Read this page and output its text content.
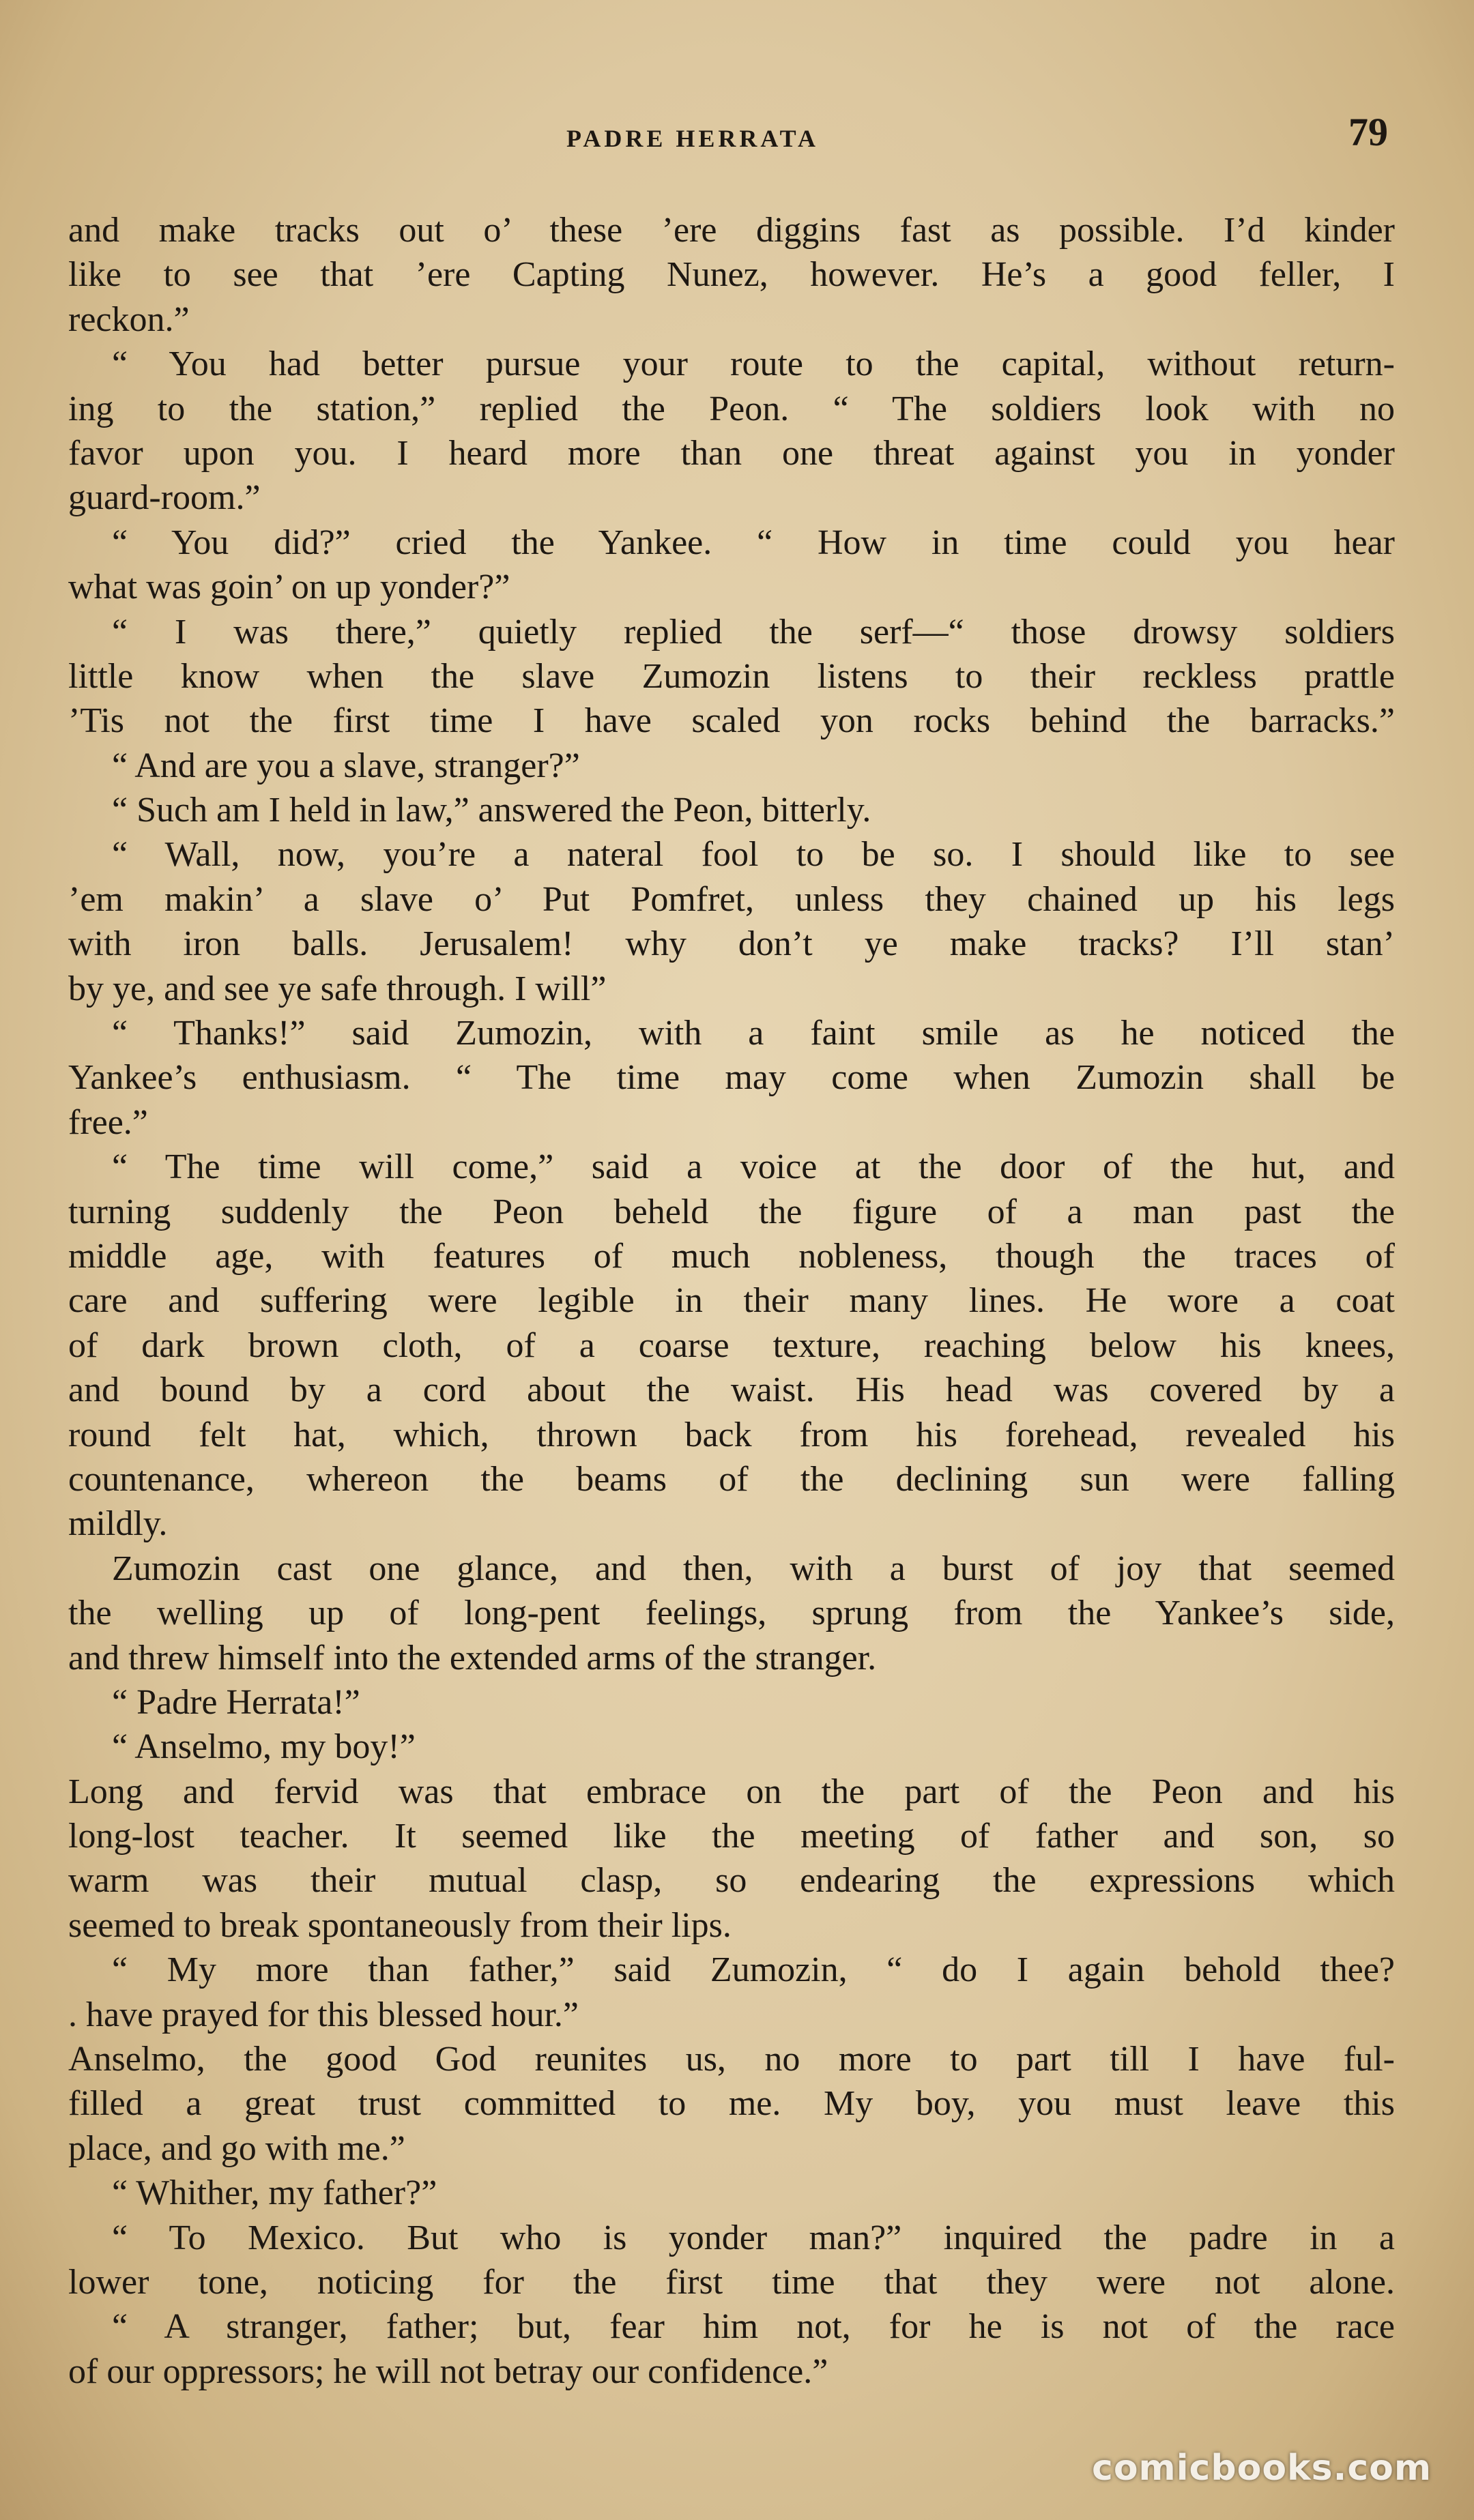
PADRE HERRATA	79
and make tracks out o’ these ’ere diggins fast as possible. I’d kinder
like to see that ’ere Capting Nunez, however. He’s a good feller, I
reckon.”
“ You had better pursue your route to the capital, without return-
ing to the station,” replied the Peon. “ The soldiers look with no
favor upon you. I heard more than one threat against you in yonder
guard-room.”
“ You did?” cried the Yankee. “ How in time could you hear
what was goin’ on up yonder?”
“ I was there,” quietly replied the serf—“ those drowsy soldiers
little know when the slave Zumozin listens to their reckless prattle
’Tis not the first time I have scaled yon rocks behind the barracks.”
“ And are you a slave, stranger?”
“ Such am I held in law,” answered the Peon, bitterly.
“ Wall, now, you’re a nateral fool to be so. I should like to see
’em makin’ a slave o’ Put Pomfret, unless they chained up his legs
with iron balls. Jerusalem! why don’t ye make tracks? I’ll stan’
by ye, and see ye safe through. I will”
“ Thanks!” said Zumozin, with a faint smile as he noticed the
Yankee’s enthusiasm. “ The time may come when Zumozin shall be
free.”
“ The time will come,” said a voice at the door of the hut, and
turning suddenly the Peon beheld the figure of a man past the
middle age, with features of much nobleness, though the traces of
care and suffering were legible in their many lines. He wore a coat
of dark brown cloth, of a coarse texture, reaching below his knees,
and bound by a cord about the waist. His head was covered by a
round felt hat, which, thrown back from his forehead, revealed his
countenance, whereon the beams of the declining sun were falling
mildly.
Zumozin cast one glance, and then, with a burst of joy that seemed
the welling up of long-pent feelings, sprung from the Yankee’s side,
and threw himself into the extended arms of the stranger.
“ Padre Herrata!”
“ Anselmo, my boy!”
Long and fervid was that embrace on the part of the Peon and his
long-lost teacher. It seemed like the meeting of father and son, so
warm was their mutual clasp, so endearing the expressions which
seemed to break spontaneously from their lips.
“ My more than father,” said Zumozin, “ do I again behold thee?
. have prayed for this blessed hour.”
Anselmo, the good God reunites us, no more to part till I have ful-
filled a great trust committed to me. My boy, you must leave this
place, and go with me.”
“ Whither, my father?”
“ To Mexico. But who is yonder man?” inquired the padre in a
lower tone, noticing for the first time that they were not alone.
“ A stranger, father; but, fear him not, for he is not of the race
of our oppressors; he will not betray our confidence.”
comicbooks.com
